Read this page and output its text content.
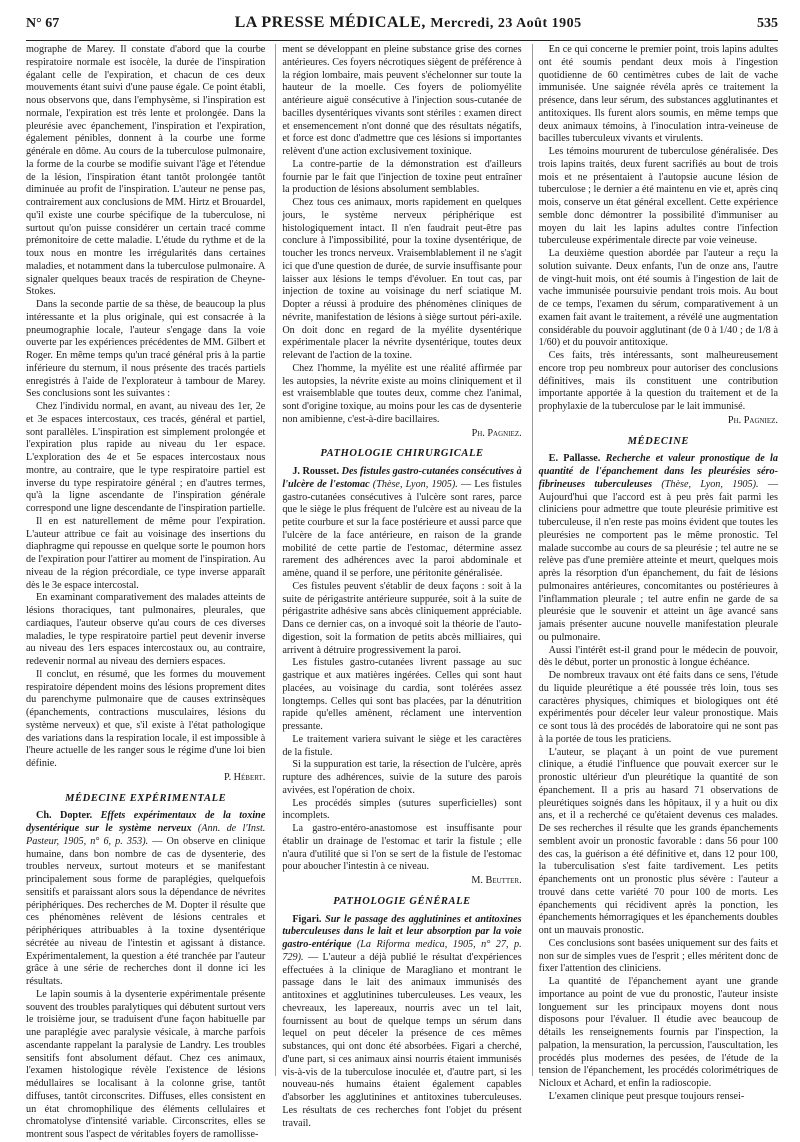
N° 67	LA PRESSE MÉDICALE, Mercredi, 23 Août 1905	535

mographe de Marey. Il constate d'abord que la courbe respiratoire normale est isocèle, la durée de l'inspiration égalant celle de l'expiration, et chacun de ces deux mouvements étant suivi d'une pause égale. Ce point établi, nous observons que, dans l'emphysème, si l'inspiration est normale, l'expiration est très lente et prolongée. Dans la pleurésie avec épanchement, l'inspiration et l'expiration, également pénibles, donnent à la courbe une forme générale en dôme. Au cours de la tuberculose pulmonaire, la forme de la courbe se modifie suivant l'âge et l'étendue de la lésion, l'inspiration étant tantôt prolongée tantôt diminuée au profit de l'inspiration. L'auteur ne pense pas, contrairement aux conclusions de MM. Hirtz et Brouardel, qu'il existe une courbe spécifique de la tuberculose, ni surtout qu'on puisse considérer un certain tracé comme prémonitoire de cette maladie. L'étude du rythme et de la toux nous en montre les irrégularités dans certaines maladies, et notamment dans la tuberculose pulmonaire. A signaler quelques beaux tracés de respiration de Cheyne-Stokes.

Dans la seconde partie de sa thèse, de beaucoup la plus intéressante et la plus originale, qui est consacrée à la pneumographie locale, l'auteur s'engage dans la voie ouverte par les expériences précédentes de MM. Gilbert et Roger. En même temps qu'un tracé général pris à la partie inférieure du sternum, il nous présente des tracés partiels enregistrés à l'aide de l'explorateur à tambour de Marey. Ses conclusions sont les suivantes :

Chez l'individu normal, en avant, au niveau des 1er, 2e et 3e espaces intercostaux, ces tracés, général et partiel, sont parallèles. L'inspiration est simplement prolongée et l'expiration plus rapide au niveau du 1er espace. L'exploration des 4e et 5e espaces intercostaux nous montre, au contraire, que le type respiratoire partiel est inverse du type respiratoire général ; en d'autres termes, qu'à la ligne ascendante de l'inspiration générale correspond une ligne descendante de l'inspiration partielle.

Il en est naturellement de même pour l'expiration. L'auteur attribue ce fait au voisinage des insertions du diaphragme qui repousse en quelque sorte le poumon hors de l'expiration pour l'attirer au moment de l'inspiration. Au niveau de la région précordiale, ce type inverse apparaît dès le 3e espace intercostal.

En examinant comparativement des malades atteints de lésions thoraciques, tant pulmonaires, pleurales, que cardiaques, l'auteur observe qu'au cours de ces diverses maladies, le type respiratoire partiel peut devenir inverse au niveau des 1ers espaces intercostaux ou, au contraire, redevenir normal au niveau des derniers espaces.

Il conclut, en résumé, que les formes du mouvement respiratoire dépendent moins des lésions proprement dites du parenchyme pulmonaire que de causes extrinsèques (épanchements, contractions musculaires, lésions du système nerveux) et que, s'il existe à l'état pathologique des variations dans la respiration locale, il est impossible à l'heure actuelle de les ranger sous le régime d'une loi bien définie.

P. Hébert.
MÉDECINE EXPÉRIMENTALE

Ch. Dopter. Effets expérimentaux de la toxine dysentérique sur le système nerveux (Ann. de l'Inst. Pasteur, 1905, n° 6, p. 353). — On observe en clinique humaine, dans bon nombre de cas de dysenterie, des troubles nerveux, surtout moteurs et se manifestant principalement sous forme de paraplégies, quelquefois sensitifs et paraissant alors sous la dépendance de névrites périphériques. Des recherches de M. Dopter il résulte que ces phénomènes relèvent de lésions centrales et périphériques attribuables à la toxine dysentérique sécrétée au niveau de l'intestin et agissant à distance. Expérimentalement, la question a été tranchée par l'auteur grâce à une série de recherches dont il donne ici les résultats.

Le lapin soumis à la dysenterie expérimentale présente souvent des troubles paralytiques qui débutent surtout vers le troisième jour, se traduisent d'une façon habituelle par une paraplégie avec paralysie vésicale, à marche parfois ascendante rappelant la paralysie de Landry. Les troubles sensitifs font absolument défaut. Chez ces animaux, l'examen histologique révèle l'existence de lésions médullaires se localisant à la colonne grise, tantôt diffuses, tantôt circonscrites. Diffuses, elles consistent en un état chromophilique des éléments cellulaires et chromatolyse d'intensité variable. Circonscrites, elles se montrent sous l'aspect de véritables foyers de ramollisse-

ment se développant en pleine substance grise des cornes antérieures. Ces foyers nécrotiques siègent de préférence à la région lombaire, mais peuvent s'échelonner sur toute la hauteur de la moelle. Ces foyers de poliomyélite antérieure aiguë consécutive à l'injection sous-cutanée de bacilles dysentériques vivants sont stériles : examen direct et ensemencement n'ont donné que des résultats négatifs, et force est donc d'admettre que ces lésions si importantes relèvent d'une action exclusivement toxinique.

La contre-partie de la démonstration est d'ailleurs fournie par le fait que l'injection de toxine peut entraîner la production de lésions absolument semblables.

Chez tous ces animaux, morts rapidement en quelques jours, le système nerveux périphérique est histologiquement intact. Il n'en faudrait peut-être pas conclure à l'impossibilité, pour la toxine dysentérique, de toucher les troncs nerveux. Vraisemblablement il ne s'agit ici que d'une question de durée, de survie insuffisante pour laisser aux lésions le temps d'évoluer. En tout cas, par injection de toxine au voisinage du nerf sciatique M. Dopter a réussi à produire des phénomènes cliniques de névrite, manifestation de lésions à siège surtout péri-axile. On doit donc en regard de la myélite dysentérique expérimentale placer la névrite dysentérique, toutes deux relevant de l'action de la toxine.

Chez l'homme, la myélite est une réalité affirmée par les autopsies, la névrite existe au moins cliniquement et il est vraisemblable que toutes deux, comme chez l'animal, sont d'origine toxique, au moins pour les cas de dysenterie non amibienne, c'est-à-dire bacillaires.

Ph. Pagniez.
PATHOLOGIE CHIRURGICALE

J. Rousset. Des fistules gastro-cutanées consécutives à l'ulcère de l'estomac (Thèse, Lyon, 1905). — Les fistules gastro-cutanées consécutives à l'ulcère sont rares, parce que le siège le plus fréquent de l'ulcère est au niveau de la petite courbure et sur la face postérieure et aussi parce que l'ulcère de la face antérieure, en raison de la grande mobilité de cette partie de l'estomac, détermine assez rarement des adhérences avec la paroi abdominale et amène, quand il se perfore, une péritonite généralisée.

Ces fistules peuvent s'établir de deux façons : soit à la suite de périgastrite antérieure suppurée, soit à la suite de périgastrite adhésive sans abcès cliniquement appréciable. Dans ce dernier cas, on a invoqué soit la théorie de l'auto-digestion, soit la formation de petits abcès milliaires, qui arrivent à détruire progressivement la paroi.

Les fistules gastro-cutanées livrent passage au suc gastrique et aux matières ingérées. Celles qui sont haut placées, au voisinage du cardia, sont tolérées assez longtemps. Celles qui sont bas placées, par la dénutrition rapide qu'elles amènent, réclament une intervention pressante.

Le traitement variera suivant le siège et les caractères de la fistule.

Si la suppuration est tarie, la résection de l'ulcère, après rupture des adhérences, suivie de la suture des parois avivées, est l'opération de choix.

Les procédés simples (sutures superficielles) sont incomplets.

La gastro-entéro-anastomose est insuffisante pour établir un drainage de l'estomac et tarir la fistule ; elle n'aura d'utilité que si l'on se sert de la fistule de l'estomac pour aboucher l'intestin à ce niveau.

M. Beutter.
PATHOLOGIE GÉNÉRALE

Figari. Sur le passage des agglutinines et antitoxines tuberculeuses dans le lait et leur absorption par la voie gastro-entérique (La Riforma medica, 1905, n° 27, p. 729). — L'auteur a déjà publié le résultat d'expériences effectuées à la clinique de Maragliano et montrant le passage dans le lait des animaux immunisés des antitoxines et agglutinines tuberculeuses. Les veaux, les chevreaux, les lapereaux, nourris avec un tel lait, fournissent au bout de quelque temps un sérum dans lequel on peut déceler la présence de ces mêmes substances, qui ont donc été absorbées. Figari a cherché, d'une part, si ces animaux ainsi nourris étaient immunisés vis-à-vis de la tuberculose inoculée et, d'autre part, si les nouveau-nés humains étaient également capables d'absorber les agglutinines et antitoxines tuberculeuses. Les résultats de ces recherches font l'objet du présent travail.

En ce qui concerne le premier point, trois lapins adultes ont été soumis pendant deux mois à l'ingestion quotidienne de 60 centimètres cubes de lait de vache immunisée. Une saignée révéla après ce traitement la présence, dans leur sérum, des substances agglutinantes et antitoxiques. Ils furent alors soumis, en même temps que deux animaux témoins, à l'inoculation intra-veineuse de bacilles tuberculeux vivants et virulents.

Les témoins moururent de tuberculose généralisée. Des trois lapins traités, deux furent sacrifiés au bout de trois mois et ne présentaient à l'autopsie aucune lésion de tuberculose ; le dernier a été maintenu en vie et, après cinq mois, conserve un état général excellent. Cette expérience semble donc démontrer la possibilité d'immuniser au moyen du lait les lapins adultes contre l'infection tuberculeuse expérimentale directe par voie veineuse.

La deuxième question abordée par l'auteur a reçu la solution suivante. Deux enfants, l'un de onze ans, l'autre de vingt-huit mois, ont été soumis à l'ingestion de lait de vache immunisée poursuivie pendant trois mois. Au bout de ce temps, l'examen du sérum, comparativement à un examen fait avant le traitement, a révélé une augmentation considérable du pouvoir agglutinant (de 0 à 1/40 ; de 1/8 à 1/60) et du pouvoir antitoxique.

Ces faits, très intéressants, sont malheureusement encore trop peu nombreux pour autoriser des conclusions définitives, mais ils constituent une contribution importante apportée à la question du traitement et de la prophylaxie de la tuberculose par le lait immunisé.

Ph. Pagniez.
MÉDECINE

E. Pallasse. Recherche et valeur pronostique de la quantité de l'épanchement dans les pleurésies séro-fibrineuses tuberculeuses (Thèse, Lyon, 1905). — Aujourd'hui que l'accord est à peu près fait parmi les cliniciens pour admettre que toute pleurésie primitive est tuberculeuse, il n'en reste pas moins évident que toutes les pleurésies ne comportent pas le même pronostic. Tel malade succombe au cours de sa pleurésie ; tel autre ne se relève pas d'une première atteinte et meurt, quelques mois après la résorption d'un épanchement, du fait de lésions pulmonaires antérieures, concomitantes ou postérieures à l'inflammation pleurale ; tel autre enfin ne garde de sa pleurésie que le souvenir et atteint un âge avancé sans jamais présenter aucune nouvelle manifestation pleurale ou pulmonaire.

Aussi l'intérêt est-il grand pour le médecin de pouvoir, dès le début, porter un pronostic à longue échéance.

De nombreux travaux ont été faits dans ce sens, l'étude du liquide pleurétique a été poussée très loin, tous ses caractères physiques, chimiques et biologiques ont été expérimentés pour déceler leur valeur pronostique. Mais ce sont tous là des procédés de laboratoire qui ne sont pas à la portée de tous les praticiens.

L'auteur, se plaçant à un point de vue purement clinique, a étudié l'influence que pouvait exercer sur le pronostic ultérieur d'un pleurétique la quantité de son épanchement. Il a pris au hasard 71 observations de pleurétiques soignés dans les hôpitaux, il y a huit ou dix ans, et il a recherché ce qu'étaient devenus ces malades. De ses recherches il résulte que les grands épanchements semblent avoir un pronostic favorable : dans 56 pour 100 des cas, la guérison a été définitive et, dans 12 pour 100, la tuberculisation s'est faite tardivement. Les petits épanchements ont un pronostic plus sévère : l'auteur a trouvé dans cette variété 70 pour 100 de morts. Les épanchements qui récidivent après la ponction, les épanchements hémorragiques et les épanchements doubles ont un mauvais pronostic.

Ces conclusions sont basées uniquement sur des faits et non sur de simples vues de l'esprit ; elles méritent donc de fixer l'attention des cliniciens.

La quantité de l'épanchement ayant une grande importance au point de vue du pronostic, l'auteur insiste longuement sur les principaux moyens dont nous disposons pour l'évaluer. Il étudie avec beaucoup de détails les renseignements fournis par l'inspection, la palpation, la mensuration, la percussion, l'auscultation, les procédés plus modernes des pesées, de l'étude de la tension de l'épanchement, les procédés colorimétriques de Nicloux et Achard, et enfin la radioscopie.

L'examen clinique peut presque toujours rensei-
